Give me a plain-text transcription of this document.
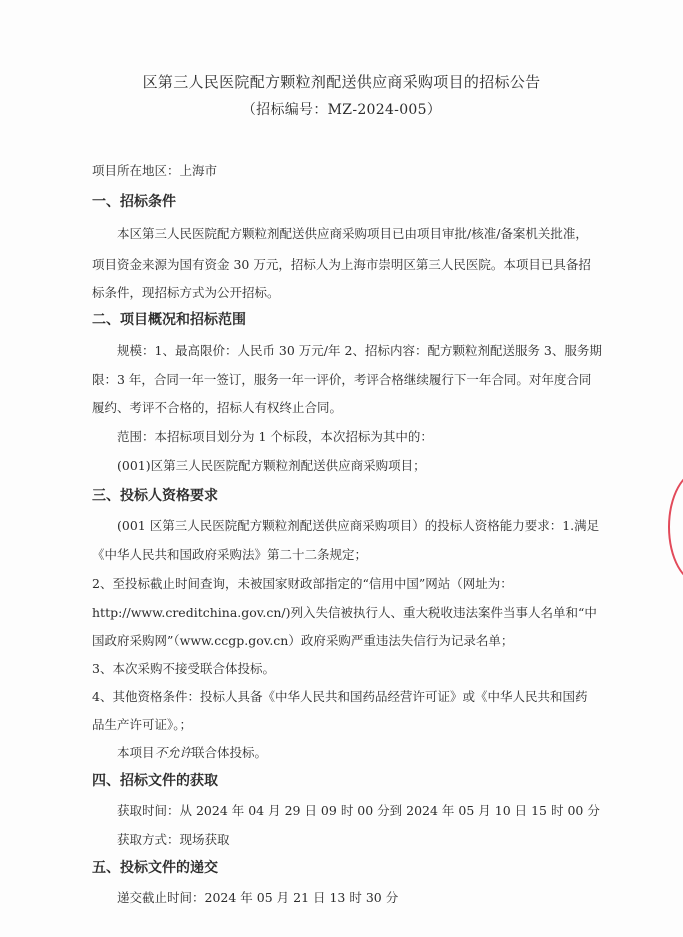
区第三人民医院配方颗粒剂配送供应商采购项目的招标公告
（招标编号：MZ-2024-005）
项目所在地区：上海市
一、招标条件
本区第三人民医院配方颗粒剂配送供应商采购项目已由项目审批/核准/备案机关批准，
项目资金来源为国有资金 30 万元，招标人为上海市崇明区第三人民医院。本项目已具备招
标条件，现招标方式为公开招标。
二、项目概况和招标范围
规模：1、最高限价：人民币 30 万元/年 2、招标内容：配方颗粒剂配送服务 3、服务期
限：3 年，合同一年一签订，服务一年一评价，考评合格继续履行下一年合同。对年度合同
履约、考评不合格的，招标人有权终止合同。
范围：本招标项目划分为 1 个标段，本次招标为其中的：
(001)区第三人民医院配方颗粒剂配送供应商采购项目；
三、投标人资格要求
(001 区第三人民医院配方颗粒剂配送供应商采购项目）的投标人资格能力要求：1.满足
《中华人民共和国政府采购法》第二十二条规定；
2、至投标截止时间查询，未被国家财政部指定的“信用中国”网站（网址为：
http://www.creditchina.gov.cn/)列入失信被执行人、重大税收违法案件当事人名单和“中
国政府采购网”（www.ccgp.gov.cn）政府采购严重违法失信行为记录名单；
3、本次采购不接受联合体投标。
4、其他资格条件：投标人具备《中华人民共和国药品经营许可证》或《中华人民共和国药
品生产许可证》。；
本项目不允许联合体投标。
四、招标文件的获取
获取时间：从 2024 年 04 月 29 日 09 时 00 分到 2024 年 05 月 10 日 15 时 00 分
获取方式：现场获取
五、投标文件的递交
递交截止时间：2024 年 05 月 21 日 13 时 30 分
